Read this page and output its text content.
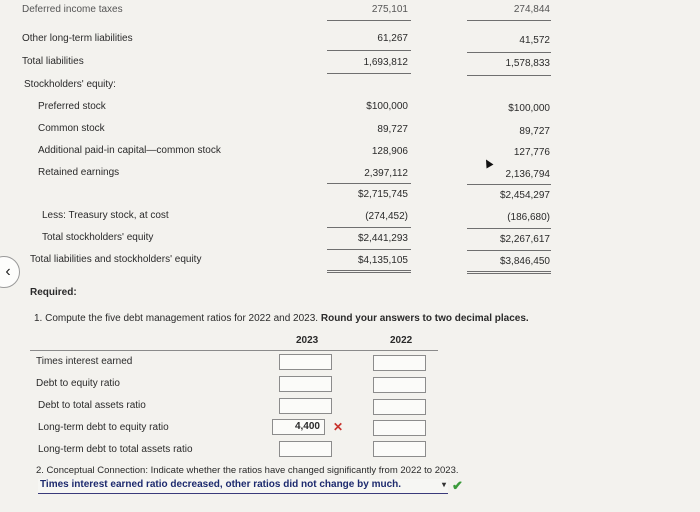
Deferred income taxes	275,101	274,844
Other long-term liabilities	61,267	41,572
Total liabilities	1,693,812	1,578,833
Stockholders' equity:
Preferred stock	$100,000	$100,000
Common stock	89,727	89,727
Additional paid-in capital—common stock	128,906	127,776
Retained earnings	2,397,112	2,136,794
$2,715,745	$2,454,297
Less: Treasury stock, at cost	(274,452)	(186,680)
Total stockholders' equity	$2,441,293	$2,267,617
Total liabilities and stockholders' equity	$4,135,105	$3,846,450
‹
Required:
1. Compute the five debt management ratios for 2022 and 2023. Round your answers to two decimal places.
2023	2022
Times interest earned
Debt to equity ratio
Debt to total assets ratio
Long-term debt to equity ratio	4,400	✕
Long-term debt to total assets ratio
2. Conceptual Connection: Indicate whether the ratios have changed significantly from 2022 to 2023.
Times interest earned ratio decreased, other ratios did not change by much.	▾ ✔
